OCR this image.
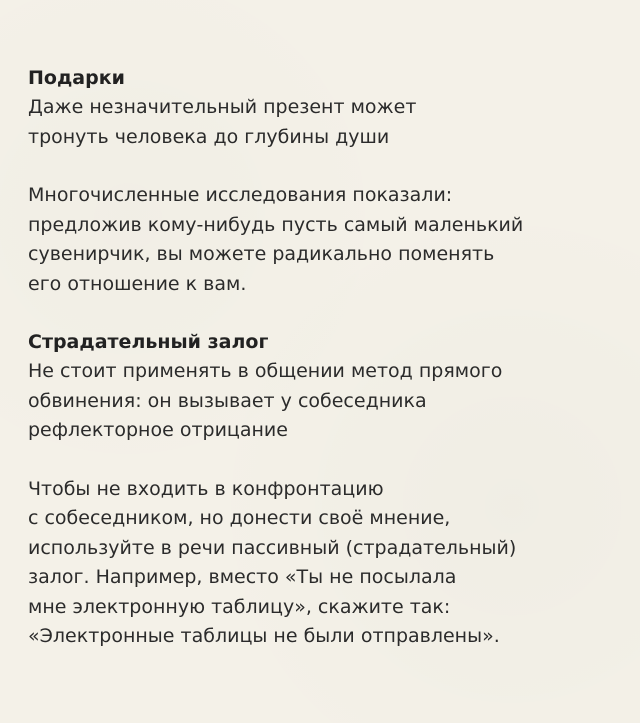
Подарки

Даже незначительный презент может
тронуть человека до глубины души

Многочисленные исследования показали:
предложив кому-нибудь пусть самый маленький
сувенирчик, вы можете радикально поменять
его отношение к вам.

Страдательный залог

Не стоит применять в общении метод прямого
обвинения: он вызывает у собеседника
рефлекторное отрицание

Чтобы не входить в конфронтацию
с собеседником, но донести своё мнение,
используйте в речи пассивный (страдательный)
залог. Например, вместо «Ты не посылала
мне электронную таблицу», скажите так:
«Электронные таблицы не были отправлены».
